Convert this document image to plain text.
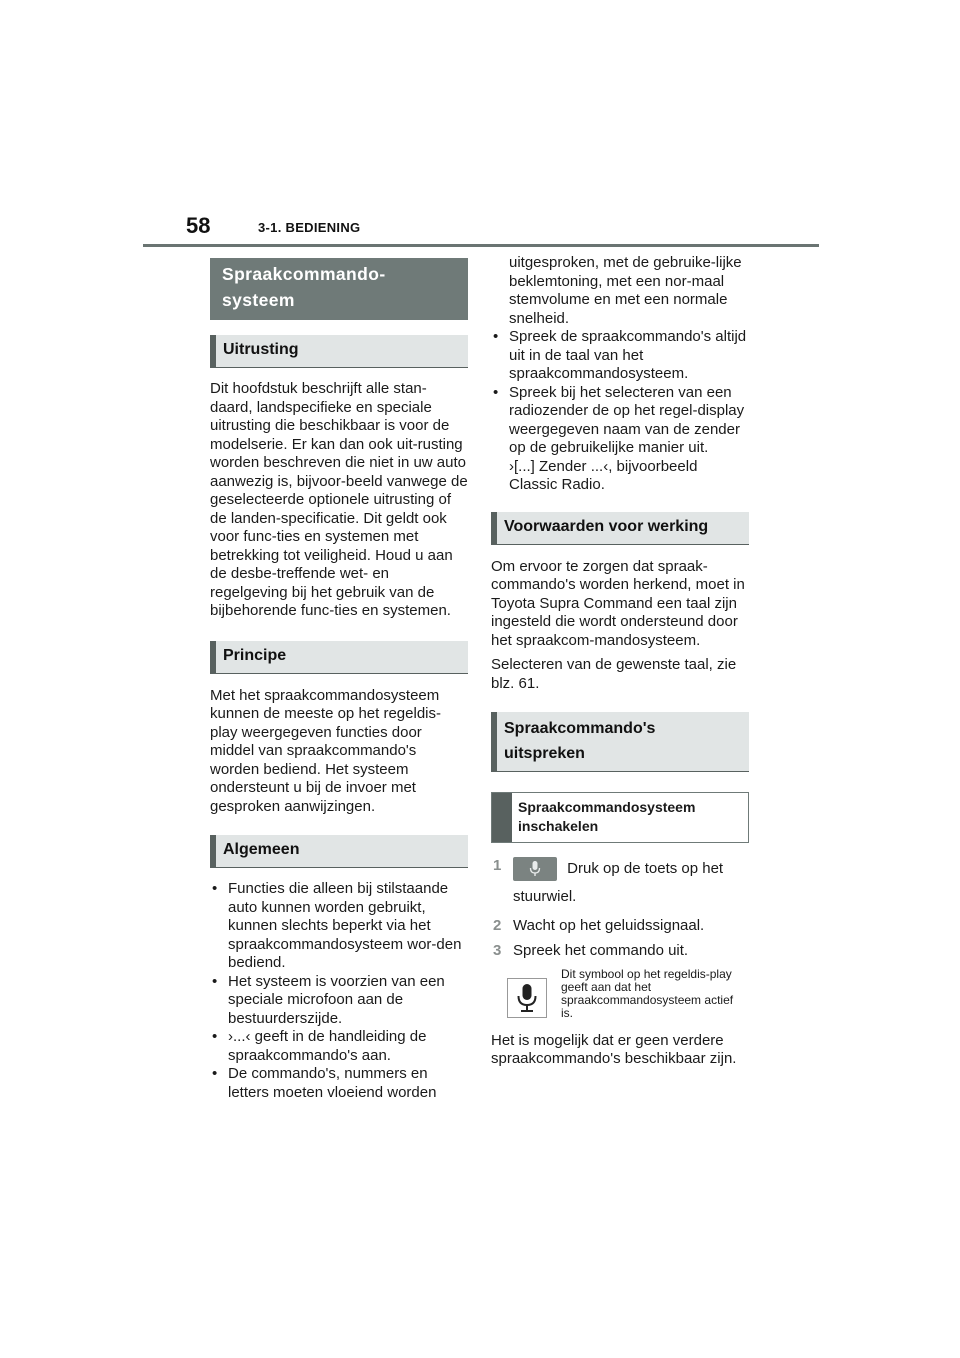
58	3-1. BEDIENING
Spraakcommando-
systeem
Uitrusting

Dit hoofdstuk beschrijft alle stan-daard, landspecifieke en speciale uitrusting die beschikbaar is voor de modelserie. Er kan dan ook uit-rusting worden beschreven die niet in uw auto aanwezig is, bijvoor-beeld vanwege de geselecteerde optionele uitrusting of de landen-specificatie. Dit geldt ook voor func-ties en systemen met betrekking tot veiligheid. Houd u aan de desbe-treffende wet- en regelgeving bij het gebruik van de bijbehorende func-ties en systemen.

Principe

Met het spraakcommandosysteem kunnen de meeste op het regeldis-play weergegeven functies door middel van spraakcommando's worden bediend. Het systeem ondersteunt u bij de invoer met gesproken aanwijzingen.

Algemeen
• Functies die alleen bij stilstaande auto kunnen worden gebruikt, kunnen slechts beperkt via het spraakcommandosysteem wor-den bediend.
• Het systeem is voorzien van een speciale microfoon aan de bestuurderszijde.
• ›...‹ geeft in de handleiding de spraakcommando's aan.
• De commando's, nummers en letters moeten vloeiend worden
uitgesproken, met de gebruike-lijke beklemtoning, met een nor-maal stemvolume en met een normale snelheid.
• Spreek de spraakcommando's altijd uit in de taal van het spraakcommandosysteem.
• Spreek bij het selecteren van een radiozender de op het regel-display weergegeven naam van de zender op de gebruikelijke manier uit.
›[...] Zender ...‹, bijvoorbeeld Classic Radio.
Voorwaarden voor werking

Om ervoor te zorgen dat spraak-commando's worden herkend, moet in Toyota Supra Command een taal zijn ingesteld die wordt ondersteund door het spraakcom-mandosysteem.

Selecteren van de gewenste taal, zie blz. 61.

Spraakcommando's
uitspreken
Spraakcommandosysteem
inschakelen
1	Druk op de toets op het
stuurwiel.
2 Wacht op het geluidssignaal.
3 Spreek het commando uit.
Dit symbool op het regeldis-play geeft aan dat het spraakcommandosysteem actief is.

Het is mogelijk dat er geen verdere spraakcommando's beschikbaar zijn.
